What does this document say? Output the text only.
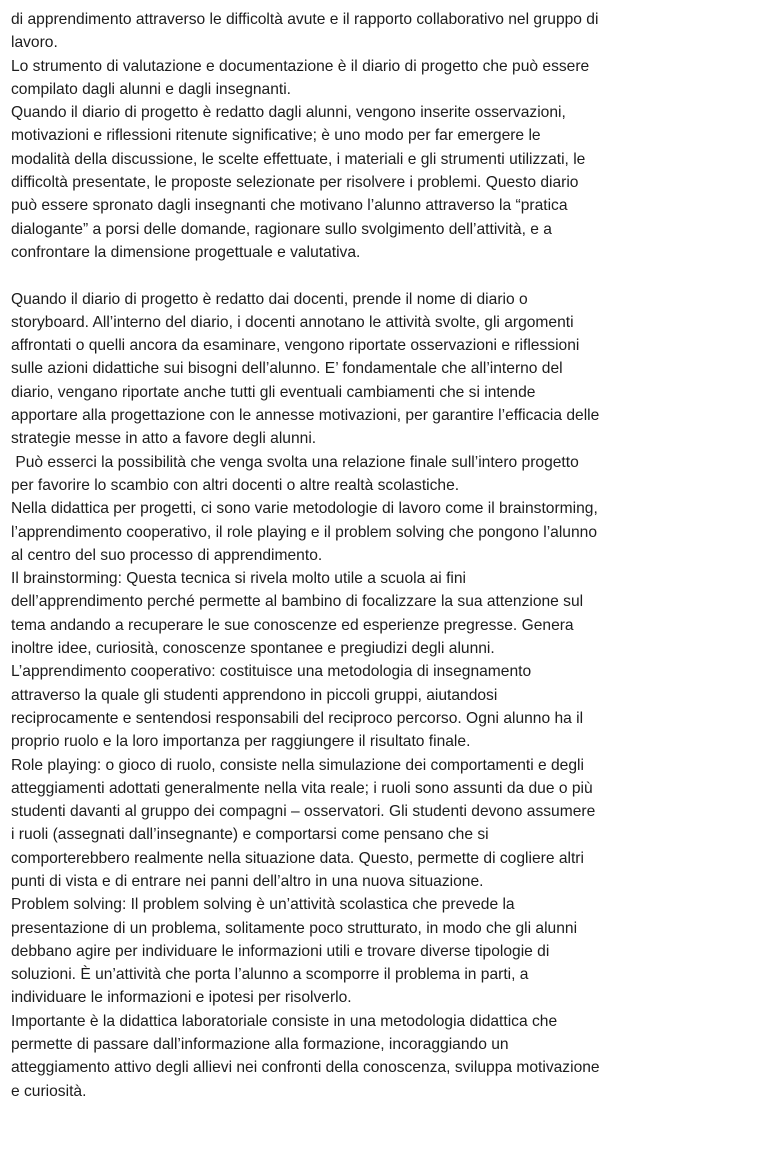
di apprendimento attraverso le difficoltà avute e il rapporto collaborativo nel gruppo di
lavoro.
Lo strumento di valutazione e documentazione è il diario di progetto che può essere
compilato dagli alunni e dagli insegnanti.
Quando il diario di progetto è redatto dagli alunni, vengono inserite osservazioni,
motivazioni e riflessioni ritenute significative; è uno modo per far emergere le
modalità della discussione, le scelte effettuate, i materiali e gli strumenti utilizzati, le
difficoltà presentate, le proposte selezionate per risolvere i problemi. Questo diario
può essere spronato dagli insegnanti che motivano l’alunno attraverso la “pratica
dialogante” a porsi delle domande, ragionare sullo svolgimento dell’attività, e a
confrontare la dimensione progettuale e valutativa.
Quando il diario di progetto è redatto dai docenti, prende il nome di diario o
storyboard. All’interno del diario, i docenti annotano le attività svolte, gli argomenti
affrontati o quelli ancora da esaminare, vengono riportate osservazioni e riflessioni
sulle azioni didattiche sui bisogni dell’alunno. E’ fondamentale che all’interno del
diario, vengano riportate anche tutti gli eventuali cambiamenti che si intende
apportare alla progettazione con le annesse motivazioni, per garantire l’efficacia delle
strategie messe in atto a favore degli alunni.
Può esserci la possibilità che venga svolta una relazione finale sull’intero progetto
per favorire lo scambio con altri docenti o altre realtà scolastiche.
Nella didattica per progetti, ci sono varie metodologie di lavoro come il brainstorming,
l’apprendimento cooperativo, il role playing e il problem solving che pongono l’alunno
al centro del suo processo di apprendimento.
Il brainstorming: Questa tecnica si rivela molto utile a scuola ai fini
dell’apprendimento perché permette al bambino di focalizzare la sua attenzione sul
tema andando a recuperare le sue conoscenze ed esperienze pregresse. Genera
inoltre idee, curiosità, conoscenze spontanee e pregiudizi degli alunni.
L’apprendimento cooperativo: costituisce una metodologia di insegnamento
attraverso la quale gli studenti apprendono in piccoli gruppi, aiutandosi
reciprocamente e sentendosi responsabili del reciproco percorso. Ogni alunno ha il
proprio ruolo e la loro importanza per raggiungere il risultato finale.
Role playing: o gioco di ruolo, consiste nella simulazione dei comportamenti e degli
atteggiamenti adottati generalmente nella vita reale; i ruoli sono assunti da due o più
studenti davanti al gruppo dei compagni – osservatori. Gli studenti devono assumere
i ruoli (assegnati dall’insegnante) e comportarsi come pensano che si
comporterebbero realmente nella situazione data. Questo, permette di cogliere altri
punti di vista e di entrare nei panni dell’altro in una nuova situazione.
Problem solving: Il problem solving è un’attività scolastica che prevede la
presentazione di un problema, solitamente poco strutturato, in modo che gli alunni
debbano agire per individuare le informazioni utili e trovare diverse tipologie di
soluzioni. È un’attività che porta l’alunno a scomporre il problema in parti, a
individuare le informazioni e ipotesi per risolverlo.
Importante è la didattica laboratoriale consiste in una metodologia didattica che
permette di passare dall’informazione alla formazione, incoraggiando un
atteggiamento attivo degli allievi nei confronti della conoscenza, sviluppa motivazione
e curiosità.
